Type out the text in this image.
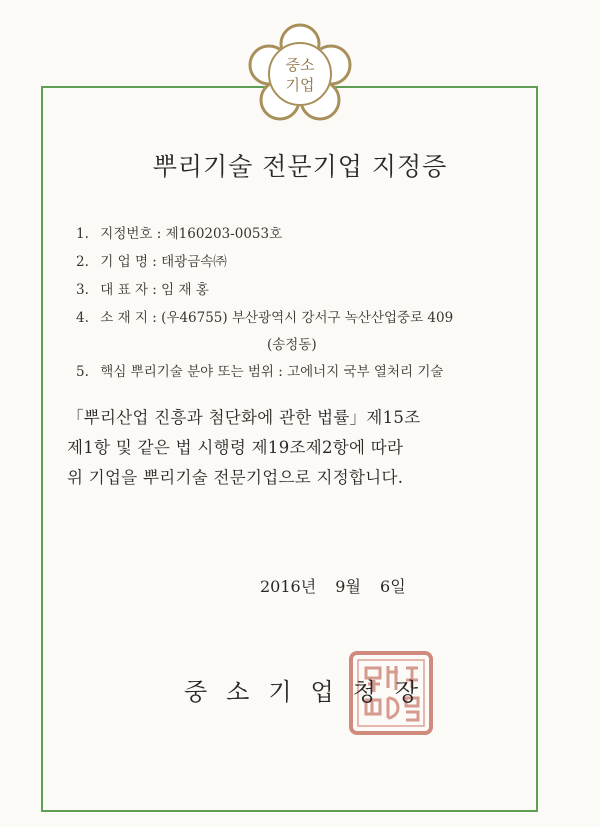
중소
기업
뿌리기술 전문기업 지정증
1. 지정번호 : 제160203-0053호
2. 기 업 명 : 태광금속㈜
3. 대 표 자 : 임 재 홍
4. 소 재 지 : (우46755) 부산광역시 강서구 녹산산업중로 409
(송정동)
5. 핵심 뿌리기술 분야 또는 범위 : 고에너지 국부 열처리 기술
「뿌리산업 진흥과 첨단화에 관한 법률」제15조
제1항 및 같은 법 시행령 제19조제2항에 따라
위 기업을 뿌리기술 전문기업으로 지정합니다.
2016년 9월 6일
중소기업청장
